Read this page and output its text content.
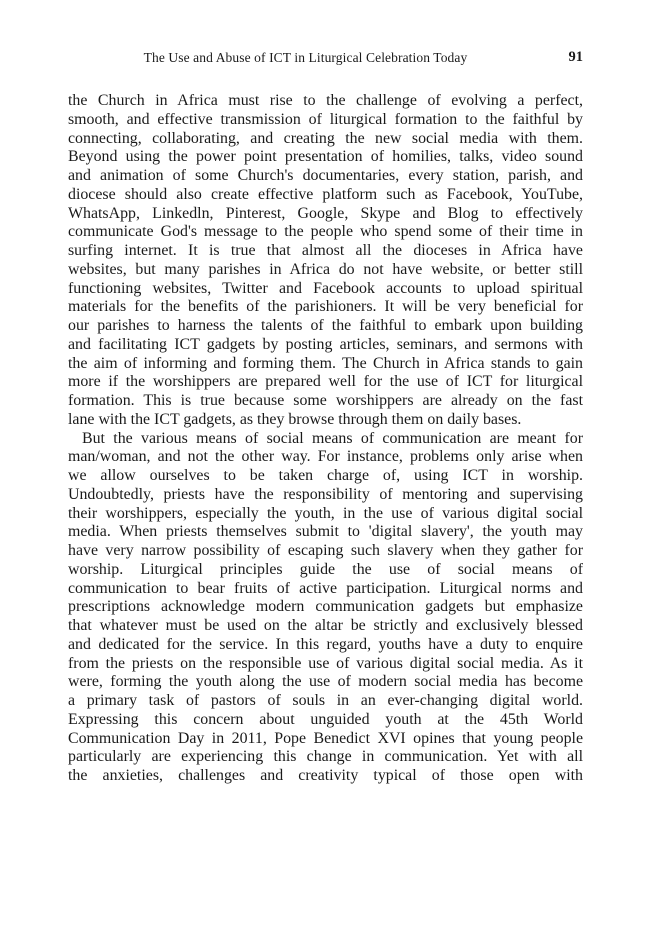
The Use and Abuse of ICT in Liturgical Celebration Today	91
the Church in Africa must rise to the challenge of evolving a perfect,
smooth, and effective transmission of liturgical formation to the faithful by
connecting, collaborating, and creating the new social media with them.
Beyond using the power point presentation of homilies, talks, video sound
and animation of some Church's documentaries, every station, parish, and
diocese should also create effective platform such as Facebook, YouTube,
WhatsApp, Linkedln, Pinterest, Google, Skype and Blog to effectively
communicate God's message to the people who spend some of their time in
surfing internet. It is true that almost all the dioceses in Africa have
websites, but many parishes in Africa do not have website, or better still
functioning websites, Twitter and Facebook accounts to upload spiritual
materials for the benefits of the parishioners. It will be very beneficial for
our parishes to harness the talents of the faithful to embark upon building
and facilitating ICT gadgets by posting articles, seminars, and sermons with
the aim of informing and forming them. The Church in Africa stands to gain
more if the worshippers are prepared well for the use of ICT for liturgical
formation. This is true because some worshippers are already on the fast
lane with the ICT gadgets, as they browse through them on daily bases.
But the various means of social means of communication are meant for
man/woman, and not the other way. For instance, problems only arise when
we allow ourselves to be taken charge of, using ICT in worship.
Undoubtedly, priests have the responsibility of mentoring and supervising
their worshippers, especially the youth, in the use of various digital social
media. When priests themselves submit to 'digital slavery', the youth may
have very narrow possibility of escaping such slavery when they gather for
worship. Liturgical principles guide the use of social means of
communication to bear fruits of active participation. Liturgical norms and
prescriptions acknowledge modern communication gadgets but emphasize
that whatever must be used on the altar be strictly and exclusively blessed
and dedicated for the service. In this regard, youths have a duty to enquire
from the priests on the responsible use of various digital social media. As it
were, forming the youth along the use of modern social media has become
a primary task of pastors of souls in an ever-changing digital world.
Expressing this concern about unguided youth at the 45th World
Communication Day in 2011, Pope Benedict XVI opines that young people
particularly are experiencing this change in communication. Yet with all
the anxieties, challenges and creativity typical of those open with
